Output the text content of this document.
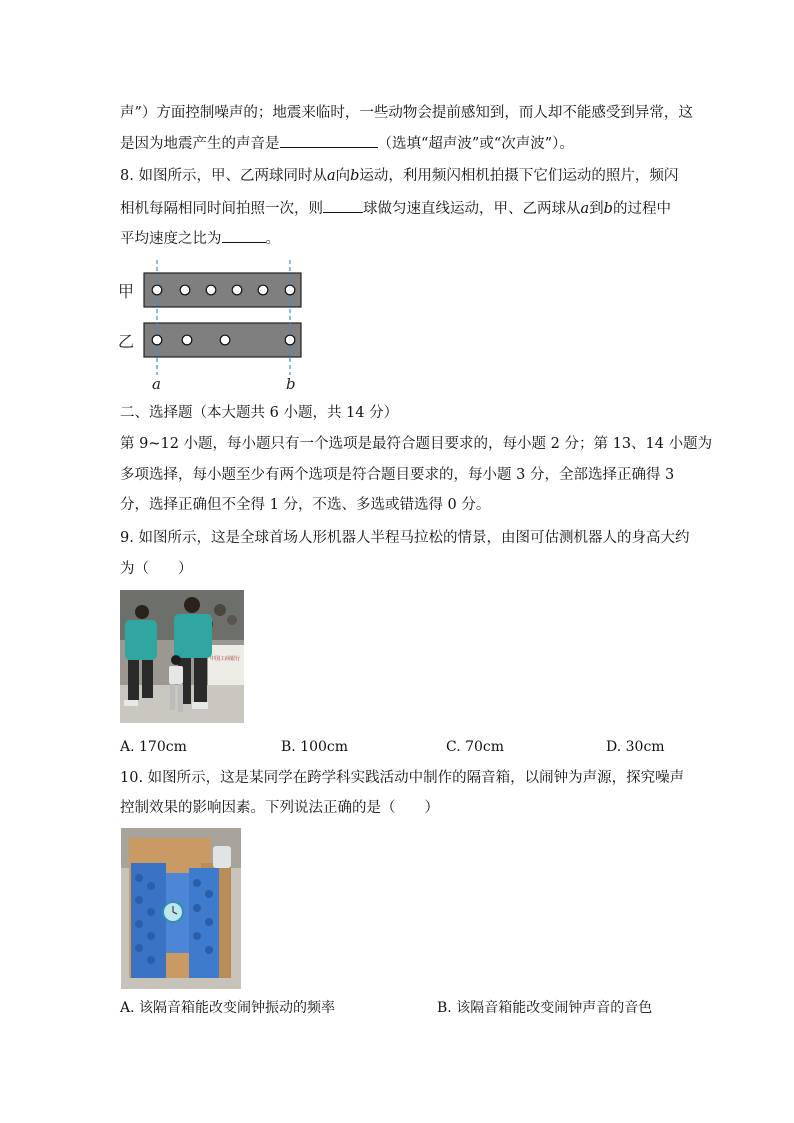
声”）方面控制噪声的；地震来临时，一些动物会提前感知到，而人却不能感受到异常，这
是因为地震产生的声音是	（选填“超声波”或“次声波”）。
8. 如图所示，甲、乙两球同时从a向b运动，利用频闪相机拍摄下它们运动的照片，频闪
相机每隔相同时间拍照一次，则	球做匀速直线运动，甲、乙两球从a到b的过程中
平均速度之比为	。
甲
乙
a	b
二、选择题（本大题共 6 小题，共 14 分）
第 9~12 小题，每小题只有一个选项是最符合题目要求的，每小题 2 分；第 13、14 小题为
多项选择，每小题至少有两个选项是符合题目要求的，每小题 3 分，全部选择正确得 3
分，选择正确但不全得 1 分，不选、多选或错选得 0 分。
9. 如图所示，这是全球首场人形机器人半程马拉松的情景，由图可估测机器人的身高大约
为（　　）
中国工商银行
A. 170cm	B. 100cm	C. 70cm	D. 30cm
10. 如图所示，这是某同学在跨学科实践活动中制作的隔音箱，以闹钟为声源，探究噪声
控制效果的影响因素。下列说法正确的是（　　）
A. 该隔音箱能改变闹钟振动的频率	B. 该隔音箱能改变闹钟声音的音色
